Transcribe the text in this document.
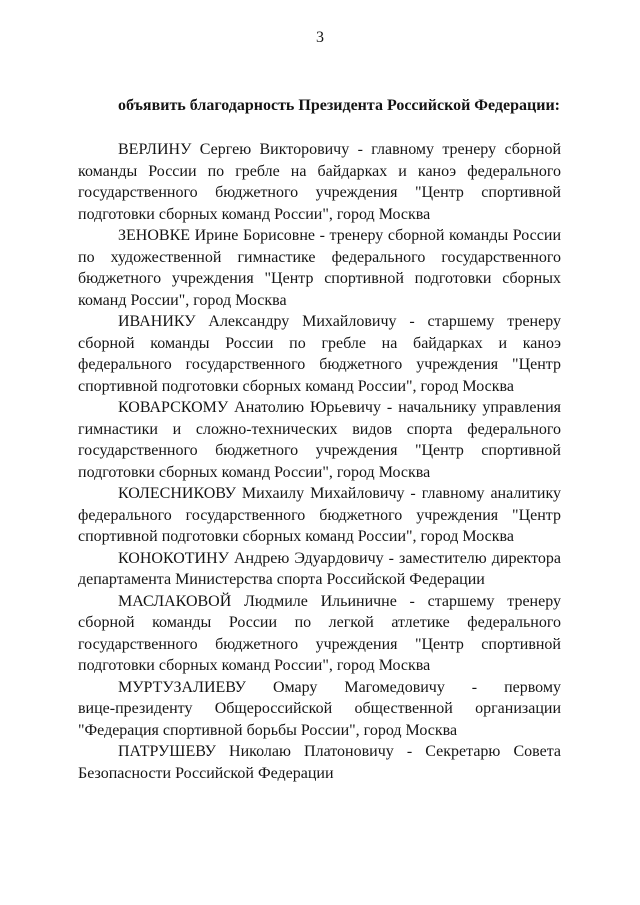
3
объявить благодарность Президента Российской Федерации:
ВЕРЛИНУ Сергею Викторовичу - главному тренеру сборной
команды России по гребле на байдарках и каноэ федерального
государственного бюджетного учреждения "Центр спортивной
подготовки сборных команд России", город Москва
ЗЕНОВКЕ Ирине Борисовне - тренеру сборной команды России
по художественной гимнастике федерального государственного
бюджетного учреждения "Центр спортивной подготовки сборных
команд России", город Москва
ИВАНИКУ Александру Михайловичу - старшему тренеру
сборной команды России по гребле на байдарках и каноэ
федерального государственного бюджетного учреждения "Центр
спортивной подготовки сборных команд России", город Москва
КОВАРСКОМУ Анатолию Юрьевичу - начальнику управления
гимнастики и сложно-технических видов спорта федерального
государственного бюджетного учреждения "Центр спортивной
подготовки сборных команд России", город Москва
КОЛЕСНИКОВУ Михаилу Михайловичу - главному аналитику
федерального государственного бюджетного учреждения "Центр
спортивной подготовки сборных команд России", город Москва
КОНОКОТИНУ Андрею Эдуардовичу - заместителю директора
департамента Министерства спорта Российской Федерации
МАСЛАКОВОЙ Людмиле Ильиничне - старшему тренеру
сборной команды России по легкой атлетике федерального
государственного бюджетного учреждения "Центр спортивной
подготовки сборных команд России", город Москва
МУРТУЗАЛИЕВУ Омару Магомедовичу - первому
вице-президенту Общероссийской общественной организации
"Федерация спортивной борьбы России", город Москва
ПАТРУШЕВУ Николаю Платоновичу - Секретарю Совета
Безопасности Российской Федерации
